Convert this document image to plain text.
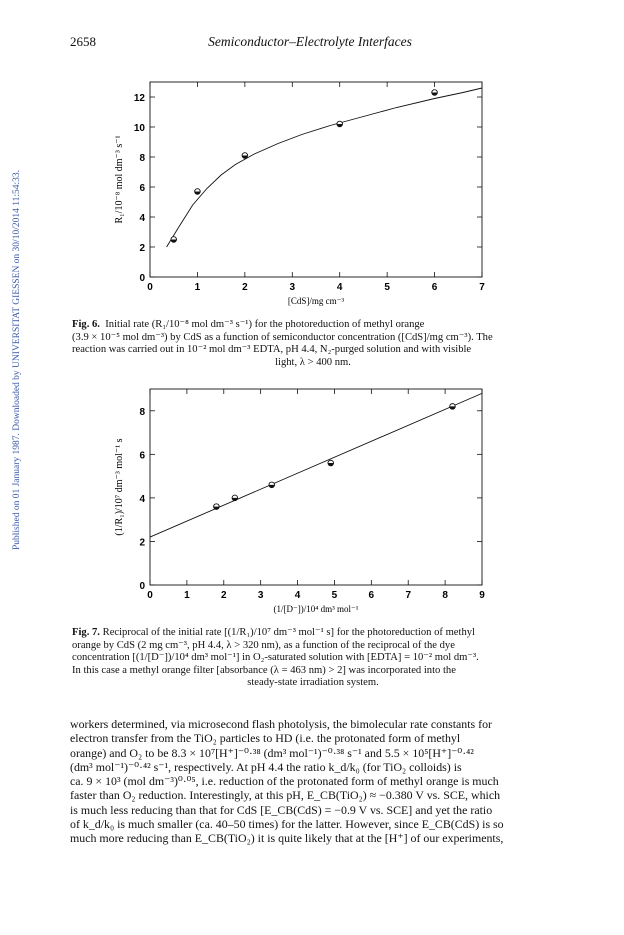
2658	Semiconductor–Electrolyte Interfaces
Published on 01 January 1987. Downloaded by UNIVERSITAT GIESSEN on 30/10/2014 11:54:33.	0	1	2	3	4	5	6	7
0
2
4
6
8
10
12
R₁/10⁻⁸ mol dm⁻³ s⁻¹
[CdS]/mg cm⁻³
Fig. 6. Initial rate (R₁/10⁻⁸ mol dm⁻³ s⁻¹) for the photoreduction of methyl orange
(3.9 × 10⁻⁵ mol dm⁻³) by CdS as a function of semiconductor concentration ([CdS]/mg cm⁻³). The
reaction was carried out in 10⁻² mol dm⁻³ EDTA, pH 4.4, N₂-purged solution and with visible
light, λ > 400 nm.
0	1	2	3	4	5	6	7	8	9
0
2
4
6
8
(1/R₁)/10⁷ dm⁻³ mol⁻¹ s
(1/[D⁻])/10⁴ dm³ mol⁻¹
Fig. 7. Reciprocal of the initial rate [(1/R₁)/10⁷ dm⁻³ mol⁻¹ s] for the photoreduction of methyl
orange by CdS (2 mg cm⁻³, pH 4.4, λ > 320 nm), as a function of the reciprocal of the dye
concentration [(1/[D⁻])/10⁴ dm³ mol⁻¹] in O₂-saturated solution with [EDTA] = 10⁻² mol dm⁻³.
In this case a methyl orange filter [absorbance (λ = 463 nm) > 2] was incorporated into the
steady-state irradiation system.
workers determined, via microsecond flash photolysis, the bimolecular rate constants for
electron transfer from the TiO₂ particles to HD (i.e. the protonated form of methyl
orange) and O₂ to be 8.3 × 10⁷[H⁺]⁻⁰·³⁸ (dm³ mol⁻¹)⁻⁰·³⁸ s⁻¹ and 5.5 × 10⁵[H⁺]⁻⁰·⁴²
(dm³ mol⁻¹)⁻⁰·⁴² s⁻¹, respectively. At pH 4.4 the ratio k_d/k₀ (for TiO₂ colloids) is
ca. 9 × 10³ (mol dm⁻³)⁰·⁰⁵, i.e. reduction of the protonated form of methyl orange is much
faster than O₂ reduction. Interestingly, at this pH, E_CB(TiO₂) ≈ −0.380 V vs. SCE, which
is much less reducing than that for CdS [E_CB(CdS) = −0.9 V vs. SCE] and yet the ratio
of k_d/k₀ is much smaller (ca. 40–50 times) for the latter. However, since E_CB(CdS) is so
much more reducing than E_CB(TiO₂) it is quite likely that at the [H⁺] of our experiments,
